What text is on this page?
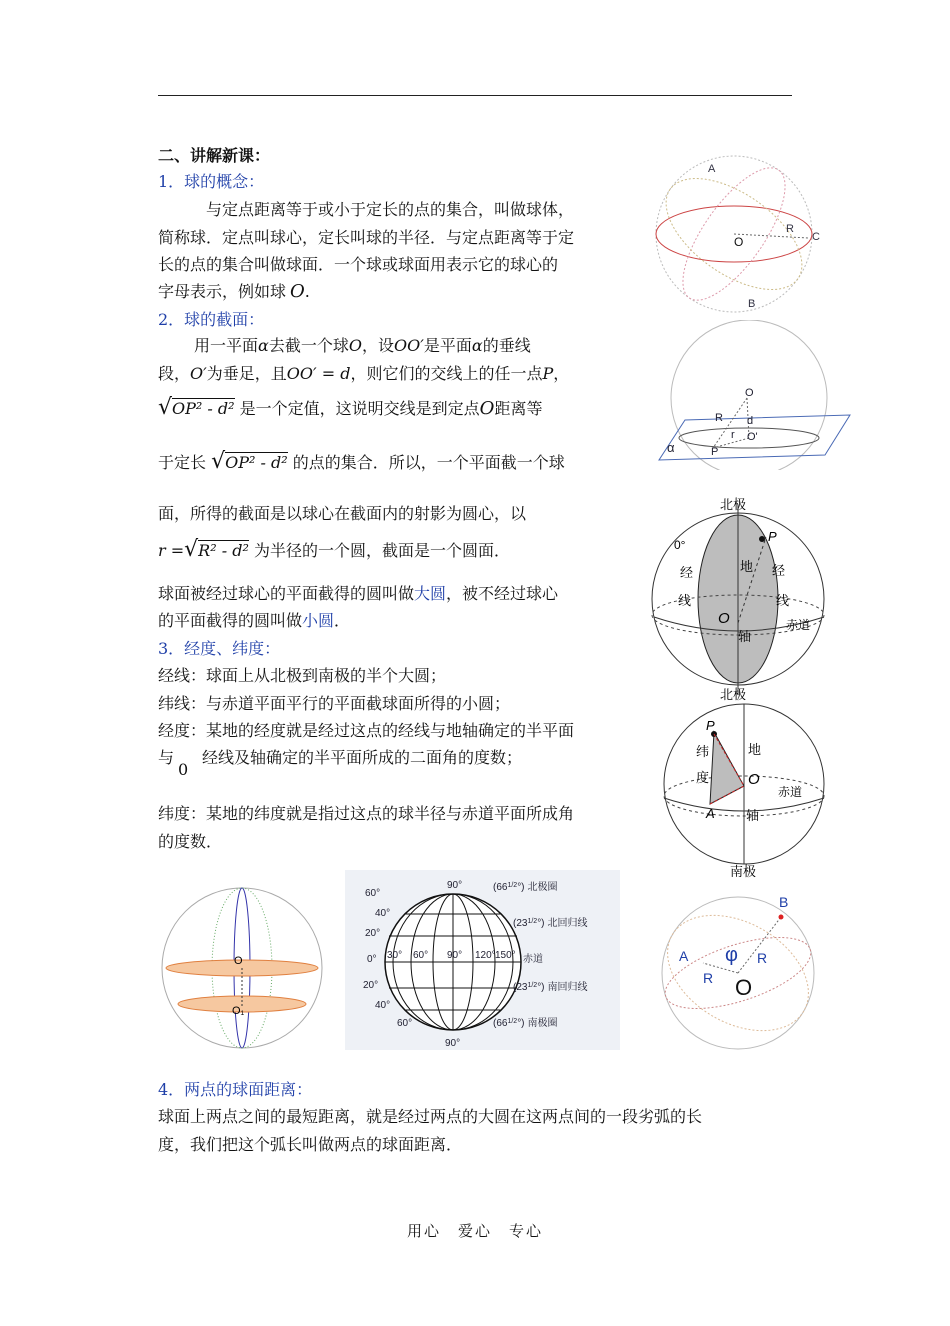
二、讲解新课：
1．球的概念：
与定点距离等于或小于定长的点的集合，叫做球体，
简称球．定点叫球心，定长叫球的半径．与定点距离等于定
长的点的集合叫做球面．一个球或球面用表示它的球心的
字母表示，例如球 O.
2．球的截面：
用一平面α去截一个球O，设OO′是平面α的垂线
段，O′为垂足，且OO′ = d，则它们的交线上的任一点P，
√OP² - d² 是一个定值，这说明交线是到定点O距离等
于定长 √OP² - d² 的点的集合．所以，一个平面截一个球
面，所得的截面是以球心在截面内的射影为圆心，以
r =√R² - d² 为半径的一个圆，截面是一个圆面．
球面被经过球心的平面截得的圆叫做大圆，被不经过球心
的平面截得的圆叫做小圆．
3．经度、纬度：
经线：球面上从北极到南极的半个大圆；
纬线：与赤道平面平行的平面截球面所得的小圆；
经度：某地的经度就是经过这点的经线与地轴确定的半平面
与0经线及轴确定的半平面所成的二面角的度数；
纬度：某地的纬度就是指过这点的球半径与赤道平面所成角
的度数．
4．两点的球面距离：
球面上两点之间的最短距离，就是经过两点的大圆在这两点间的一段劣弧的长
度，我们把这个弧长叫做两点的球面距离．
用心　爱心　专心
A
B
C
O
R
O
R d
r O'
P
α
北极
北极
0°
经
线
经
线
地
轴
O
P
赤道
P
A
O
纬
度
地
轴
赤道
南极
O
O₁
90°
90°
60°
40°
20°
0°
20°
40°
60°
30° 60° 90° 120° 150°
$(66^{1/2}^\circ)$ 北极圈
$(23^{1/2}^\circ)$ 北回归线
赤道
$(23^{1/2}^\circ)$ 南回归线
$(66^{1/2}^\circ)$ 南极圈
B
A φ
R
R
O
